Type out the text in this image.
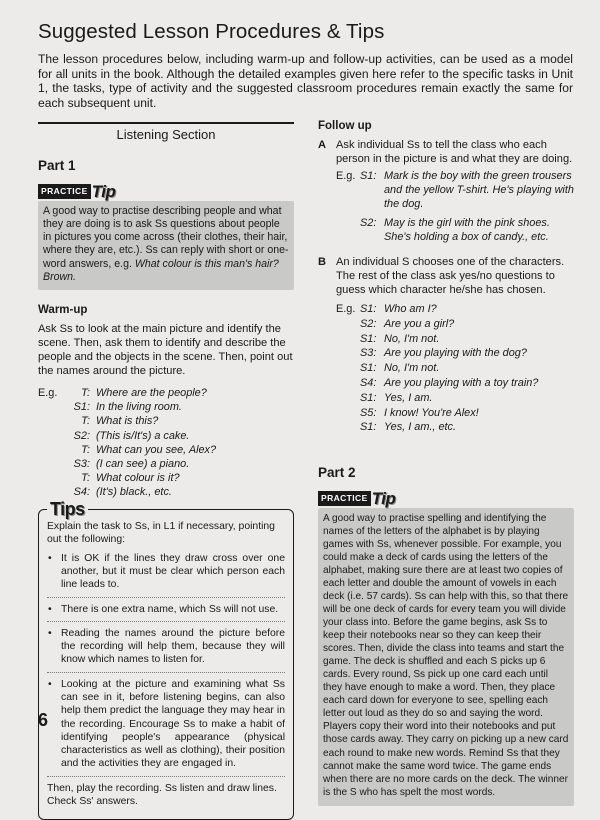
Suggested Lesson Procedures & Tips

The lesson procedures below, including warm-up and follow-up activities, can be used as a model for all units in the book. Although the detailed examples given here refer to the specific tasks in Unit 1, the tasks, type of activity and the suggested classroom procedures remain exactly the same for each subsequent unit.

Listening Section
Part 1
PRACTICE Tip
A good way to practise describing people and what they are doing is to ask Ss questions about people in pictures you come across (their clothes, their hair, where they are, etc.). Ss can reply with short or one-word answers, e.g. What colour is this man's hair? Brown.
Warm-up

Ask Ss to look at the main picture and identify the scene. Then, ask them to identify and describe the people and the objects in the scene. Then, point out the names around the picture.

E.g.	T: Where are the people?
S1: In the living room.
T: What is this?
S2: (This is/It's) a cake.
T: What can you see, Alex?
S3: (I can see) a piano.
T: What colour is it?
S4: (It's) black., etc.
Tips

Explain the task to Ss, in L1 if necessary, pointing out the following:

• It is OK if the lines they draw cross over one another, but it must be clear which person each line leads to.
• There is one extra name, which Ss will not use.
• Reading the names around the picture before the recording will help them, because they will know which names to listen for.
• Looking at the picture and examining what Ss can see in it, before listening begins, can also help them predict the language they may hear in the recording. Encourage Ss to make a habit of identifying people's appearance (physical characteristics as well as clothing), their position and the activities they are engaged in.

Then, play the recording. Ss listen and draw lines. Check Ss' answers.

Follow up
A Ask individual Ss to tell the class who each person in the picture is and what they are doing.
E.g. S1: Mark is the boy with the green trousers and the yellow T-shirt. He's playing with the dog.
S2: May is the girl with the pink shoes. She's holding a box of candy., etc.
B An individual S chooses one of the characters. The rest of the class ask yes/no questions to guess which character he/she has chosen.
E.g. S1: Who am I?
S2: Are you a girl?
S1: No, I'm not.
S3: Are you playing with the dog?
S1: No, I'm not.
S4: Are you playing with a toy train?
S1: Yes, I am.
S5: I know! You're Alex!
S1: Yes, I am., etc.
Part 2
PRACTICE Tip
A good way to practise spelling and identifying the names of the letters of the alphabet is by playing games with Ss, whenever possible. For example, you could make a deck of cards using the letters of the alphabet, making sure there are at least two copies of each letter and double the amount of vowels in each deck (i.e. 57 cards). Ss can help with this, so that there will be one deck of cards for every team you will divide your class into. Before the game begins, ask Ss to keep their notebooks near so they can keep their scores. Then, divide the class into teams and start the game. The deck is shuffled and each S picks up 6 cards. Every round, Ss pick up one card each until they have enough to make a word. Then, they place each card down for everyone to see, spelling each letter out loud as they do so and saying the word. Players copy their word into their notebooks and put those cards away. They carry on picking up a new card each round to make new words. Remind Ss that they cannot make the same word twice. The game ends when there are no more cards on the deck. The winner is the S who has spelt the most words.
6
